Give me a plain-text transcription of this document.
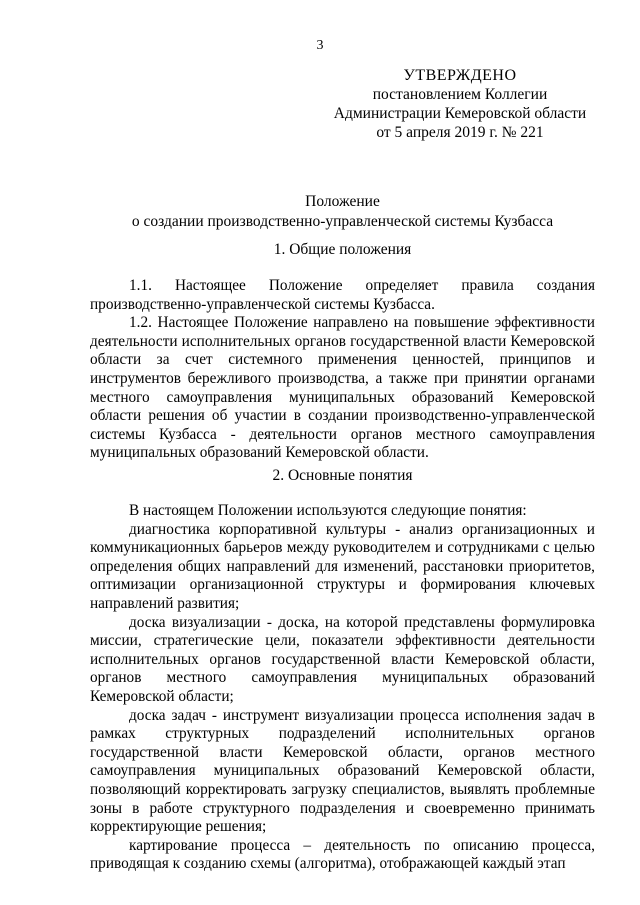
3
УТВЕРЖДЕНО
постановлением Коллегии
Администрации Кемеровской области
от 5 апреля 2019 г. № 221
Положение
о создании производственно-управленческой системы Кузбасса
1. Общие положения

1.1. Настоящее Положение определяет правила создания производственно-управленческой системы Кузбасса.

1.2. Настоящее Положение направлено на повышение эффективности деятельности исполнительных органов государственной власти Кемеровской области за счет системного применения ценностей, принципов и инструментов бережливого производства, а также при принятии органами местного самоуправления муниципальных образований Кемеровской области решения об участии в создании производственно-управленческой системы Кузбасса - деятельности органов местного самоуправления муниципальных образований Кемеровской области.

2. Основные понятия

В настоящем Положении используются следующие понятия:

диагностика корпоративной культуры - анализ организационных и коммуникационных барьеров между руководителем и сотрудниками с целью определения общих направлений для изменений, расстановки приоритетов, оптимизации организационной структуры и формирования ключевых направлений развития;

доска визуализации - доска, на которой представлены формулировка миссии, стратегические цели, показатели эффективности деятельности исполнительных органов государственной власти Кемеровской области, органов местного самоуправления муниципальных образований Кемеровской области;

доска задач - инструмент визуализации процесса исполнения задач в рамках структурных подразделений исполнительных органов государственной власти Кемеровской области, органов местного самоуправления муниципальных образований Кемеровской области, позволяющий корректировать загрузку специалистов, выявлять проблемные зоны в работе структурного подразделения и своевременно принимать корректирующие решения;

картирование процесса – деятельность по описанию процесса, приводящая к созданию схемы (алгоритма), отображающей каждый этап
